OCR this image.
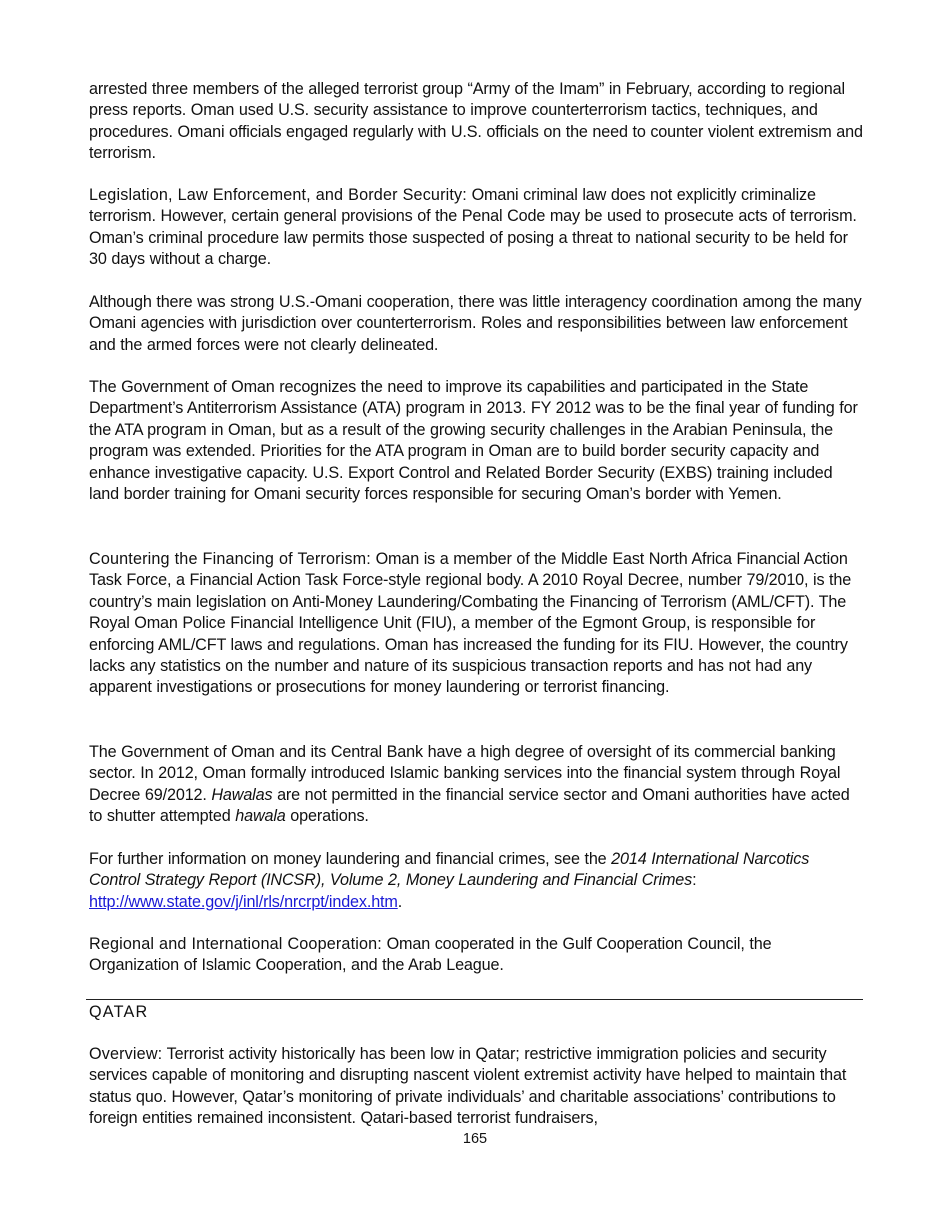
arrested three members of the alleged terrorist group “Army of the Imam” in February, according to regional press reports. Oman used U.S. security assistance to improve counterterrorism tactics, techniques, and procedures. Omani officials engaged regularly with U.S. officials on the need to counter violent extremism and terrorism.

Legislation, Law Enforcement, and Border Security: Omani criminal law does not explicitly criminalize terrorism. However, certain general provisions of the Penal Code may be used to prosecute acts of terrorism. Oman’s criminal procedure law permits those suspected of posing a threat to national security to be held for 30 days without a charge.

Although there was strong U.S.-Omani cooperation, there was little interagency coordination among the many Omani agencies with jurisdiction over counterterrorism. Roles and responsibilities between law enforcement and the armed forces were not clearly delineated.

The Government of Oman recognizes the need to improve its capabilities and participated in the State Department’s Antiterrorism Assistance (ATA) program in 2013. FY 2012 was to be the final year of funding for the ATA program in Oman, but as a result of the growing security challenges in the Arabian Peninsula, the program was extended. Priorities for the ATA program in Oman are to build border security capacity and enhance investigative capacity. U.S. Export Control and Related Border Security (EXBS) training included land border training for Omani security forces responsible for securing Oman’s border with Yemen.

Countering the Financing of Terrorism: Oman is a member of the Middle East North Africa Financial Action Task Force, a Financial Action Task Force-style regional body. A 2010 Royal Decree, number 79/2010, is the country’s main legislation on Anti-Money Laundering/Combating the Financing of Terrorism (AML/CFT). The Royal Oman Police Financial Intelligence Unit (FIU), a member of the Egmont Group, is responsible for enforcing AML/CFT laws and regulations. Oman has increased the funding for its FIU. However, the country lacks any statistics on the number and nature of its suspicious transaction reports and has not had any apparent investigations or prosecutions for money laundering or terrorist financing.

The Government of Oman and its Central Bank have a high degree of oversight of its commercial banking sector. In 2012, Oman formally introduced Islamic banking services into the financial system through Royal Decree 69/2012. Hawalas are not permitted in the financial service sector and Omani authorities have acted to shutter attempted hawala operations.

For further information on money laundering and financial crimes, see the 2014 International Narcotics Control Strategy Report (INCSR), Volume 2, Money Laundering and Financial Crimes: http://www.state.gov/j/inl/rls/nrcrpt/index.htm.

Regional and International Cooperation: Oman cooperated in the Gulf Cooperation Council, the Organization of Islamic Cooperation, and the Arab League.

QATAR

Overview: Terrorist activity historically has been low in Qatar; restrictive immigration policies and security services capable of monitoring and disrupting nascent violent extremist activity have helped to maintain that status quo. However, Qatar’s monitoring of private individuals’ and charitable associations’ contributions to foreign entities remained inconsistent. Qatari-based terrorist fundraisers,

165
